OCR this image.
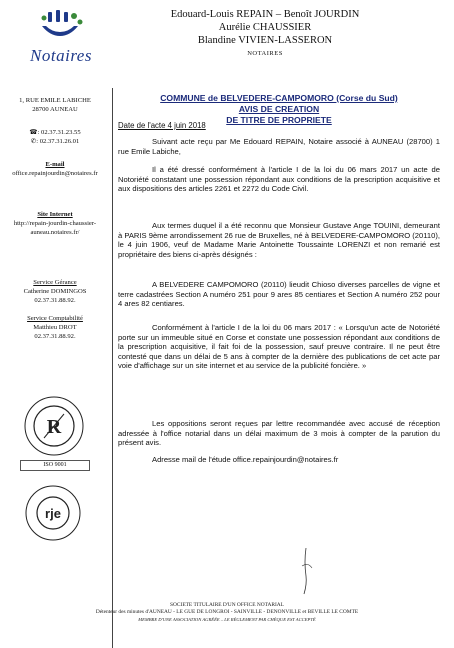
Notaires
Edouard-Louis REPAIN – Benoît JOURDIN
Aurélie CHAUSSIER
Blandine VIVIEN-LASSERON
NOTAIRES
1, RUE EMILE LABICHE
28700 AUNEAU
☎: 02.37.31.23.55
✆: 02.37.31.26.01
E-mail
office.repainjourdin@notaires.fr
Site Internet
http://repain-jourdin-chaussier-
auneau.notaires.fr/
Service Gérance
Catherine DOMINGOS
02.37.31.88.92.
Service Comptabilité
Matthieu DROT
02.37.31.88.92.
R
ISO 9001
rje
COMMUNE de BELVEDERE-CAMPOMORO (Corse du Sud)
AVIS DE CREATION
DE TITRE DE PROPRIETE
Date de l'acte 4 juin 2018
Suivant acte reçu par Me Edouard REPAIN, Notaire associé à AUNEAU (28700) 1 rue Emile Labiche,
Il a été dressé conformément à l'article I de la loi du 06 mars 2017 un acte de Notoriété constatant une possession répondant aux conditions de la prescription acquisitive et aux dispositions des articles 2261 et 2272 du Code Civil.
Aux termes duquel il a été reconnu que Monsieur Gustave Ange TOUINI, demeurant à PARIS 9ème arrondissement 26 rue de Bruxelles, né à BELVEDERE-CAMPOMORO (20110), le 4 juin 1906, veuf de Madame Marie Antoinette Toussainte LORENZI et non remarié est propriétaire des biens ci-après désignés :
A BELVEDERE CAMPOMORO (20110) lieudit Chioso diverses parcelles de vigne et terre cadastrées Section A numéro 251 pour 9 ares 85 centiares et Section A numéro 252 pour 4 ares 82 centiares.
Conformément à l'article I de la loi du 06 mars 2017 : « Lorsqu'un acte de Notoriété porte sur un immeuble situé en Corse et constate une possession répondant aux conditions de la prescription acquisitive, il fait foi de la possession, sauf preuve contraire. Il ne peut être contesté que dans un délai de 5 ans à compter de la dernière des publications de cet acte par voie d'affichage sur un site internet et au service de la publicité foncière. »
Les oppositions seront reçues par lettre recommandée avec accusé de réception adressée à l'office notarial dans un délai maximum de 3 mois à compter de la parution du présent avis.
Adresse mail de l'étude office.repainjourdin@notaires.fr
SOCIETE TITULAIRE D'UN OFFICE NOTARIAL
Détenteur des minutes d'AUNEAU - LE GUE DE LONGROI - SAINVILLE - DENONVILLE et BEVILLE LE COMTE
MEMBRE D'UNE ASSOCIATION AGRÉÉE – LE RÈGLEMENT PAR CHÈQUE EST ACCEPTÉ
